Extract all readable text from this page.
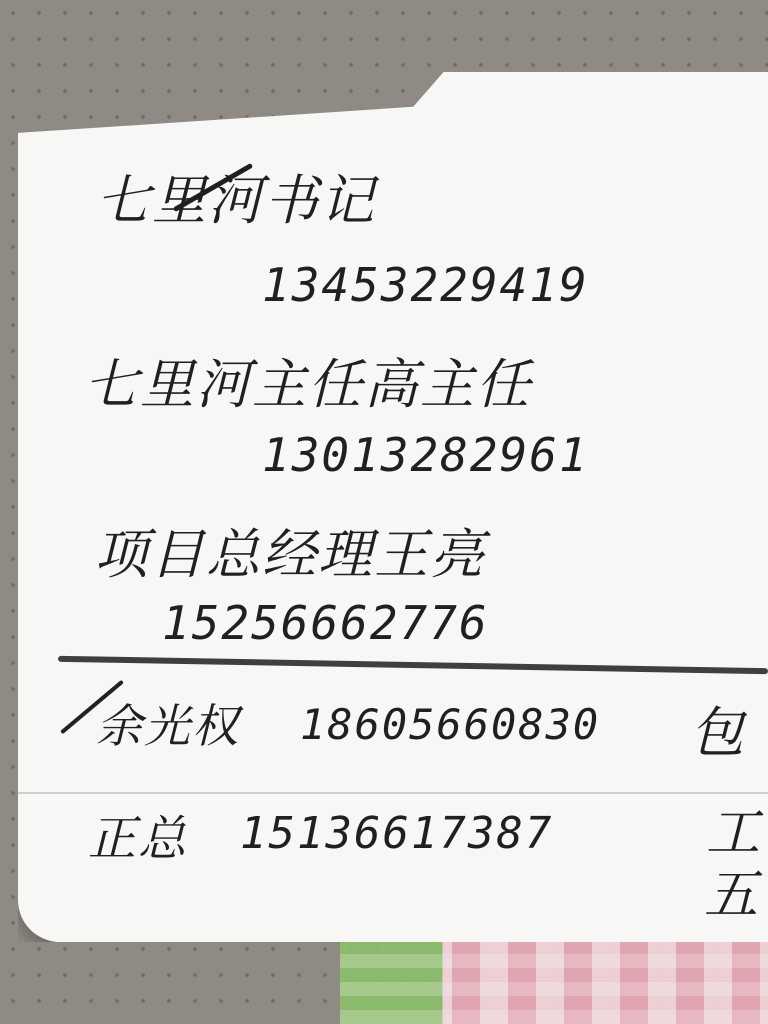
七里河书记
13453229419
七里河主任高主任
13013282961
项目总经理王亮
15256662776
余光权 18605660830
正总 15136617387
包
工
五
